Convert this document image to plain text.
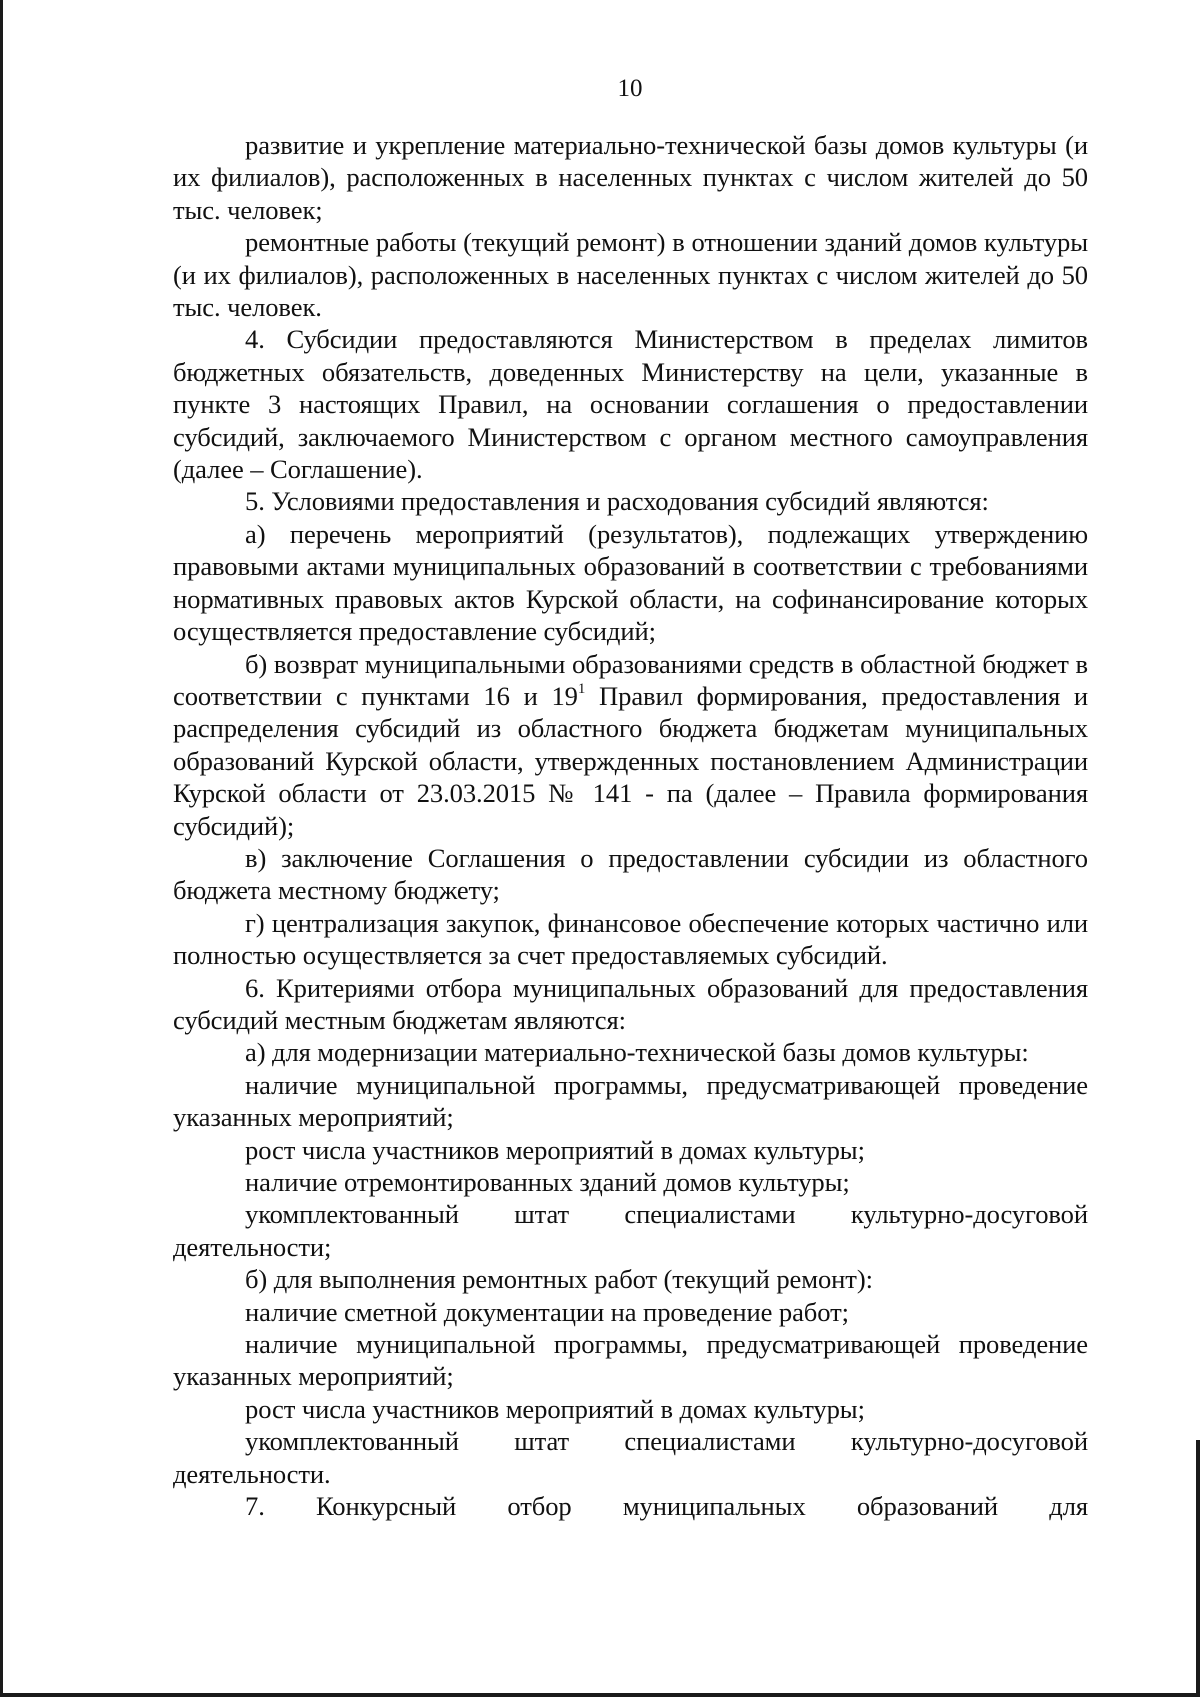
10

развитие и укрепление материально-технической базы домов культуры (и их филиалов), расположенных в населенных пунктах с числом жителей до 50 тыс. человек;

ремонтные работы (текущий ремонт) в отношении зданий домов культуры (и их филиалов), расположенных в населенных пунктах с числом жителей до 50 тыс. человек.

4. Субсидии предоставляются Министерством в пределах лимитов бюджетных обязательств, доведенных Министерству на цели, указанные в пункте 3 настоящих Правил, на основании соглашения о предоставлении субсидий, заключаемого Министерством с органом местного самоуправления (далее – Соглашение).

5. Условиями предоставления и расходования субсидий являются:

а) перечень мероприятий (результатов), подлежащих утверждению правовыми актами муниципальных образований в соответствии с требованиями нормативных правовых актов Курской области, на софинансирование которых осуществляется предоставление субсидий;

б) возврат муниципальными образованиями средств в областной бюджет в соответствии с пунктами 16 и $19^1$ Правил формирования, предоставления и распределения субсидий из областного бюджета бюджетам муниципальных образований Курской области, утвержденных постановлением Администрации Курской области от 23.03.2015 № 141 - па (далее – Правила формирования субсидий);

в) заключение Соглашения о предоставлении субсидии из областного бюджета местному бюджету;

г) централизация закупок, финансовое обеспечение которых частично или полностью осуществляется за счет предоставляемых субсидий.

6. Критериями отбора муниципальных образований для предоставления субсидий местным бюджетам являются:

а) для модернизации материально-технической базы домов культуры:

наличие муниципальной программы, предусматривающей проведение указанных мероприятий;

рост числа участников мероприятий в домах культуры;

наличие отремонтированных зданий домов культуры;

укомплектованный штат специалистами культурно-досуговой деятельности;

б) для выполнения ремонтных работ (текущий ремонт):

наличие сметной документации на проведение работ;

наличие муниципальной программы, предусматривающей проведение указанных мероприятий;

рост числа участников мероприятий в домах культуры;

укомплектованный штат специалистами культурно-досуговой деятельности.

7. Конкурсный отбор муниципальных образований для
